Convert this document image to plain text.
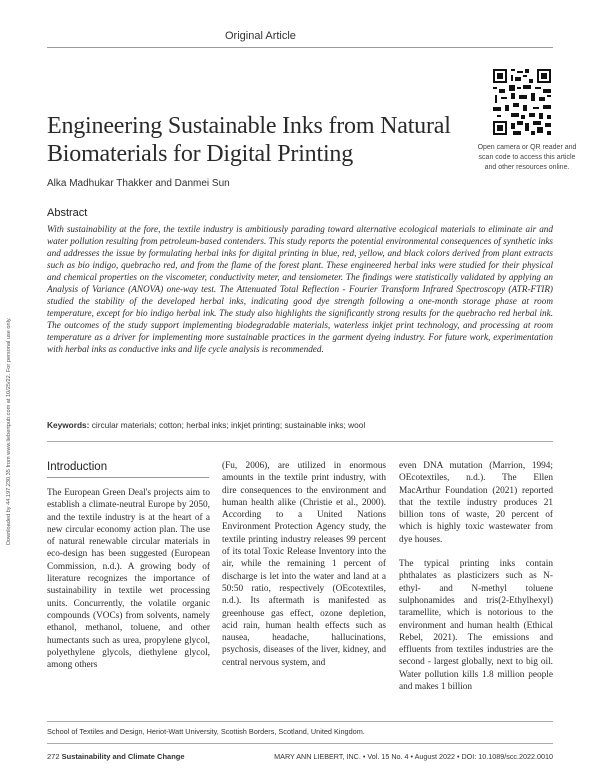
Original Article
Engineering Sustainable Inks from Natural
Biomaterials for Digital Printing	Open camera or QR reader and
scan code to access this article
and other resources online.
Alka Madhukar Thakker and Danmei Sun
Abstract
With sustainability at the fore, the textile industry is ambitiously parading toward alternative ecological materials to eliminate air and water pollution resulting from petroleum-based contenders. This study reports the potential environmental consequences of synthetic inks and addresses the issue by formulating herbal inks for digital printing in blue, red, yellow, and black colors derived from plant extracts such as bio indigo, quebracho red, and from the flame of the forest plant. These engineered herbal inks were studied for their physical and chemical properties on the viscometer, conductivity meter, and tensiometer. The findings were statistically validated by applying an Analysis of Variance (ANOVA) one-way test. The Attenuated Total Reflection - Fourier Transform Infrared Spectroscopy (ATR-FTIR) studied the stability of the developed herbal inks, indicating good dye strength following a one-month storage phase at room temperature, except for bio indigo herbal ink. The study also highlights the significantly strong results for the quebracho red herbal ink. The outcomes of the study support implementing biodegradable materials, waterless inkjet print technology, and processing at room temperature as a driver for implementing more sustainable practices in the garment dyeing industry. For future work, experimentation with herbal inks as conductive inks and life cycle analysis is recommended.
Keywords: circular materials; cotton; herbal inks; inkjet printing; sustainable inks; wool
Downloaded by 44.197.230.35 from www.liebertpub.com at 10/25/22. For personal use only.	Introduction

The European Green Deal's projects aim to establish a climate-neutral Europe by 2050, and the textile industry is at the heart of a new circular economy action plan. The use of natural renewable circular materials in eco-design has been suggested (European Commission, n.d.). A growing body of literature recognizes the importance of sustainability in textile wet processing units. Concurrently, the volatile organic compounds (VOCs) from solvents, namely ethanol, methanol, toluene, and other humectants such as urea, propylene glycol, polyethylene glycols, diethylene glycol, among others

(Fu, 2006), are utilized in enormous amounts in the textile print industry, with dire consequences to the environment and human health alike (Christie et al., 2000). According to a United Nations Environment Protection Agency study, the textile printing industry releases 99 percent of its total Toxic Release Inventory into the air, while the remaining 1 percent of discharge is let into the water and land at a 50:50 ratio, respectively (OEcotextiles, n.d.). Its aftermath is manifested as greenhouse gas effect, ozone depletion, acid rain, human health effects such as nausea, headache, hallucinations, psychosis, diseases of the liver, kidney, and central nervous system, and

even DNA mutation (Marrion, 1994; OEcotextiles, n.d.). The Ellen MacArthur Foundation (2021) reported that the textile industry produces 21 billion tons of waste, 20 percent of which is highly toxic wastewater from dye houses.

The typical printing inks contain phthalates as plasticizers such as N-ethyl- and N-methyl toluene sulphonamides and tris(2-Ethylhexyl) taramellite, which is notorious to the environment and human health (Ethical Rebel, 2021). The emissions and effluents from textiles industries are the second - largest globally, next to big oil. Water pollution kills 1.8 million people and makes 1 billion

School of Textiles and Design, Heriot-Watt University, Scottish Borders, Scotland, United Kingdom.
272 Sustainability and Climate Change	MARY ANN LIEBERT, INC. • Vol. 15 No. 4 • August 2022 • DOI: 10.1089/scc.2022.0010
